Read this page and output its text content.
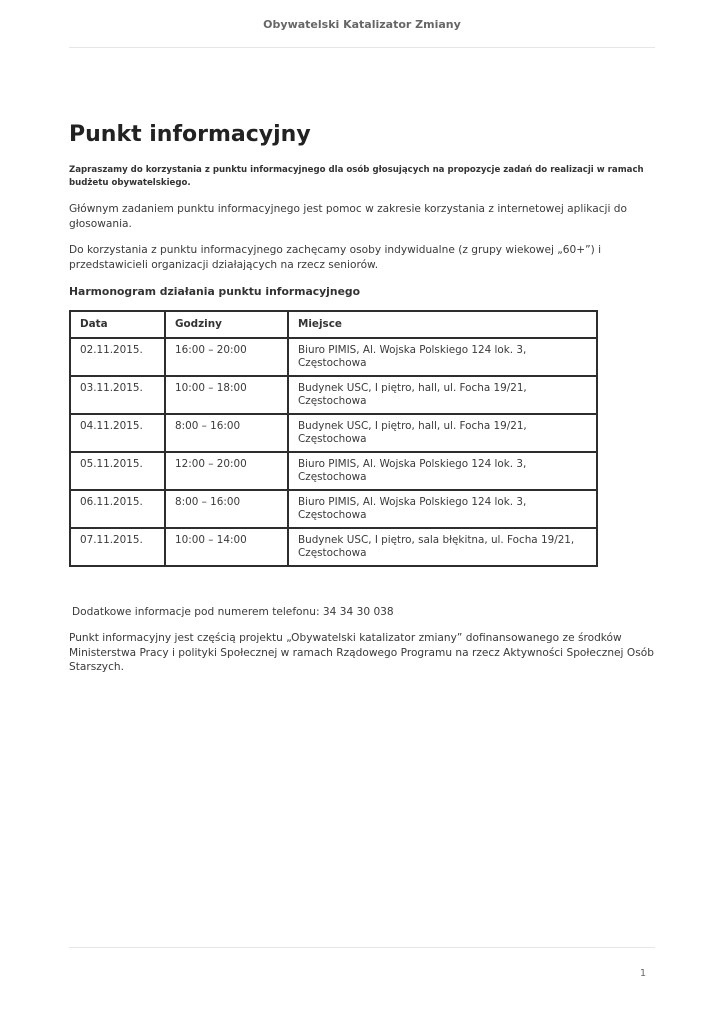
Obywatelski Katalizator Zmiany
Punkt informacyjny

Zapraszamy do korzystania z punktu informacyjnego dla osób głosujących na propozycje zadań do realizacji w ramach budżetu obywatelskiego.

Głównym zadaniem punktu informacyjnego jest pomoc w zakresie korzystania z internetowej aplikacji do głosowania.

Do korzystania z punktu informacyjnego zachęcamy osoby indywidualne (z grupy wiekowej „60+”) i przedstawicieli organizacji działających na rzecz seniorów.

Harmonogram działania punktu informacyjnego
Data	Godziny	Miejsce
02.11.2015.	16:00 – 20:00	Biuro PIMIS, Al. Wojska Polskiego 124 lok. 3, Częstochowa
03.11.2015.	10:00 – 18:00	Budynek USC, I piętro, hall, ul. Focha 19/21, Częstochowa
04.11.2015.	8:00 – 16:00	Budynek USC, I piętro, hall, ul. Focha 19/21, Częstochowa
05.11.2015.	12:00 – 20:00	Biuro PIMIS, Al. Wojska Polskiego 124 lok. 3, Częstochowa
06.11.2015.	8:00 – 16:00	Biuro PIMIS, Al. Wojska Polskiego 124 lok. 3, Częstochowa
07.11.2015.	10:00 – 14:00	Budynek USC, I piętro, sala błękitna, ul. Focha 19/21, Częstochowa

Dodatkowe informacje pod numerem telefonu: 34 34 30 038

Punkt informacyjny jest częścią projektu „Obywatelski katalizator zmiany” dofinansowanego ze środków Ministerstwa Pracy i polityki Społecznej w ramach Rządowego Programu na rzecz Aktywności Społecznej Osób Starszych.

1
